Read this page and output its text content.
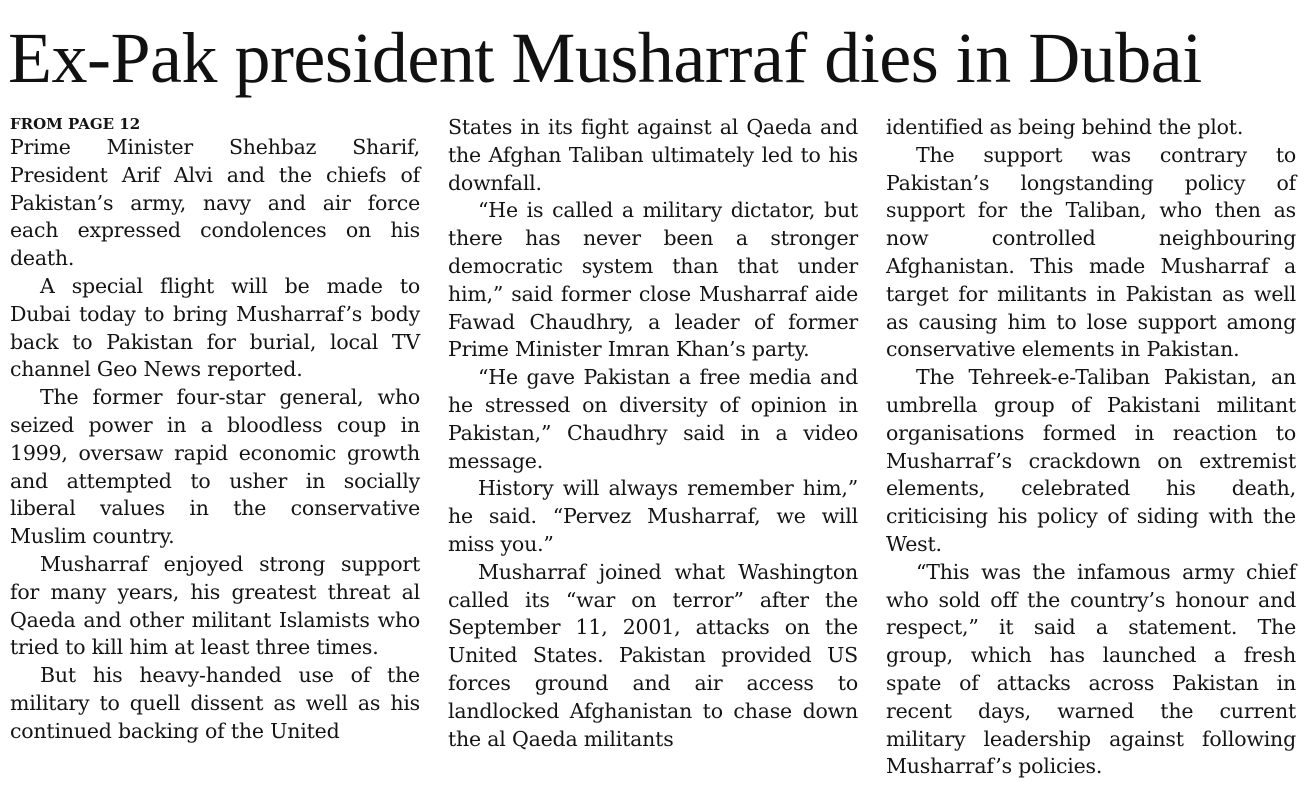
Ex-Pak president Musharraf dies in Dubai
FROM PAGE 12

Prime Minister Shehbaz Sharif, President Arif Alvi and the chiefs of Pakistan’s army, navy and air force each expressed condolences on his death.

A special flight will be made to Dubai today to bring Musharraf’s body back to Pakistan for burial, local TV channel Geo News reported.

The former four-star general, who seized power in a bloodless coup in 1999, oversaw rapid economic growth and attempted to usher in socially liberal values in the conservative Muslim country.

Musharraf enjoyed strong support for many years, his greatest threat al Qaeda and other militant Islamists who tried to kill him at least three times.

But his heavy-handed use of the military to quell dissent as well as his continued backing of the United

States in its fight against al Qaeda and the Afghan Taliban ultimately led to his downfall.

“He is called a military dictator, but there has never been a stronger democratic system than that under him,” said former close Musharraf aide Fawad Chaudhry, a leader of former Prime Minister Imran Khan’s party.

“He gave Pakistan a free media and he stressed on diversity of opinion in Pakistan,” Chaudhry said in a video message.

History will always remember him,” he said. “Pervez Musharraf, we will miss you.”

Musharraf joined what Washington called its “war on terror” after the September 11, 2001, attacks on the United States. Pakistan provided US forces ground and air access to landlocked Afghanistan to chase down the al Qaeda militants

identified as being behind the plot.

The support was contrary to Pakistan’s longstanding policy of support for the Taliban, who then as now controlled neighbouring Afghanistan. This made Musharraf a target for militants in Pakistan as well as causing him to lose support among conservative elements in Pakistan.

The Tehreek-e-Taliban Pakistan, an umbrella group of Pakistani militant organisations formed in reaction to Musharraf’s crackdown on extremist elements, celebrated his death, criticising his policy of siding with the West.

“This was the infamous army chief who sold off the country’s honour and respect,” it said a statement. The group, which has launched a fresh spate of attacks across Pakistan in recent days, warned the current military leadership against following Musharraf’s policies.
